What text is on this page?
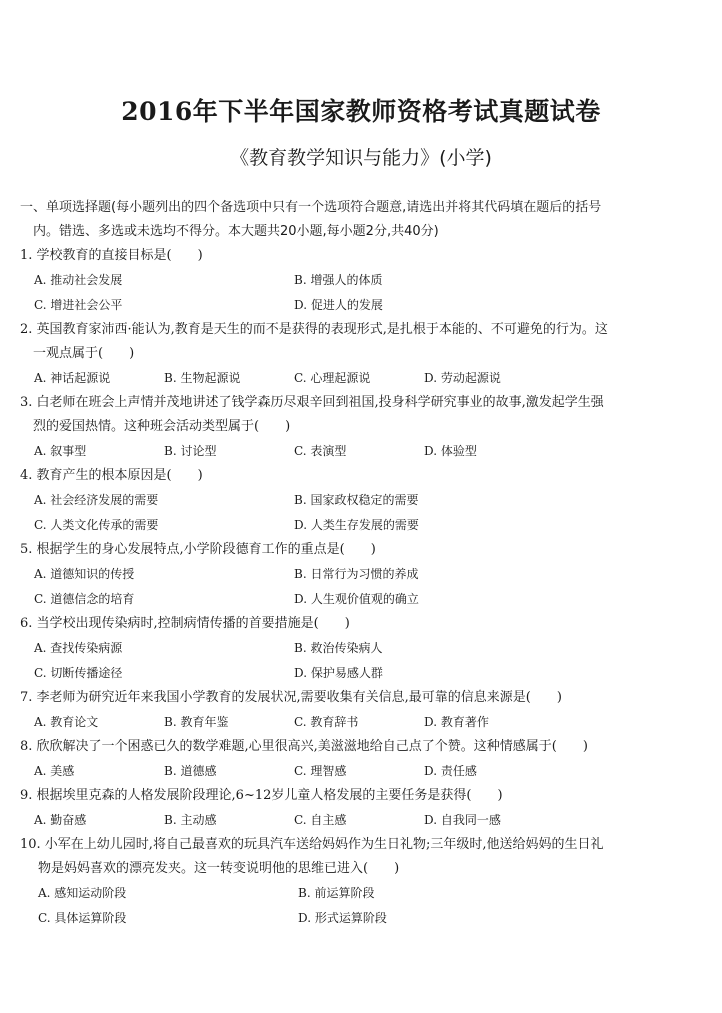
2016年下半年国家教师资格考试真题试卷
《教育教学知识与能力》(小学)
一、单项选择题(每小题列出的四个备选项中只有一个选项符合题意,请选出并将其代码填在题后的括号
内。错选、多选或未选均不得分。本大题共20小题,每小题2分,共40分)
1. 学校教育的直接目标是(　　)
A. 推动社会发展	B. 增强人的体质
C. 增进社会公平	D. 促进人的发展
2. 英国教育家沛西·能认为,教育是天生的而不是获得的表现形式,是扎根于本能的、不可避免的行为。这
一观点属于(　　)
A. 神话起源说	B. 生物起源说	C. 心理起源说	D. 劳动起源说
3. 白老师在班会上声情并茂地讲述了钱学森历尽艰辛回到祖国,投身科学研究事业的故事,激发起学生强
烈的爱国热情。这种班会活动类型属于(　　)
A. 叙事型	B. 讨论型	C. 表演型	D. 体验型
4. 教育产生的根本原因是(　　)
A. 社会经济发展的需要	B. 国家政权稳定的需要
C. 人类文化传承的需要	D. 人类生存发展的需要
5. 根据学生的身心发展特点,小学阶段德育工作的重点是(　　)
A. 道德知识的传授	B. 日常行为习惯的养成
C. 道德信念的培育	D. 人生观价值观的确立
6. 当学校出现传染病时,控制病情传播的首要措施是(　　)
A. 查找传染病源	B. 救治传染病人
C. 切断传播途径	D. 保护易感人群
7. 李老师为研究近年来我国小学教育的发展状况,需要收集有关信息,最可靠的信息来源是(　　)
A. 教育论文	B. 教育年鉴	C. 教育辞书	D. 教育著作
8. 欣欣解决了一个困惑已久的数学难题,心里很高兴,美滋滋地给自己点了个赞。这种情感属于(　　)
A. 美感	B. 道德感	C. 理智感	D. 责任感
9. 根据埃里克森的人格发展阶段理论,6~12岁儿童人格发展的主要任务是获得(　　)
A. 勤奋感	B. 主动感	C. 自主感	D. 自我同一感
10. 小军在上幼儿园时,将自己最喜欢的玩具汽车送给妈妈作为生日礼物;三年级时,他送给妈妈的生日礼
物是妈妈喜欢的漂亮发夹。这一转变说明他的思维已进入(　　)
A. 感知运动阶段	B. 前运算阶段
C. 具体运算阶段	D. 形式运算阶段
